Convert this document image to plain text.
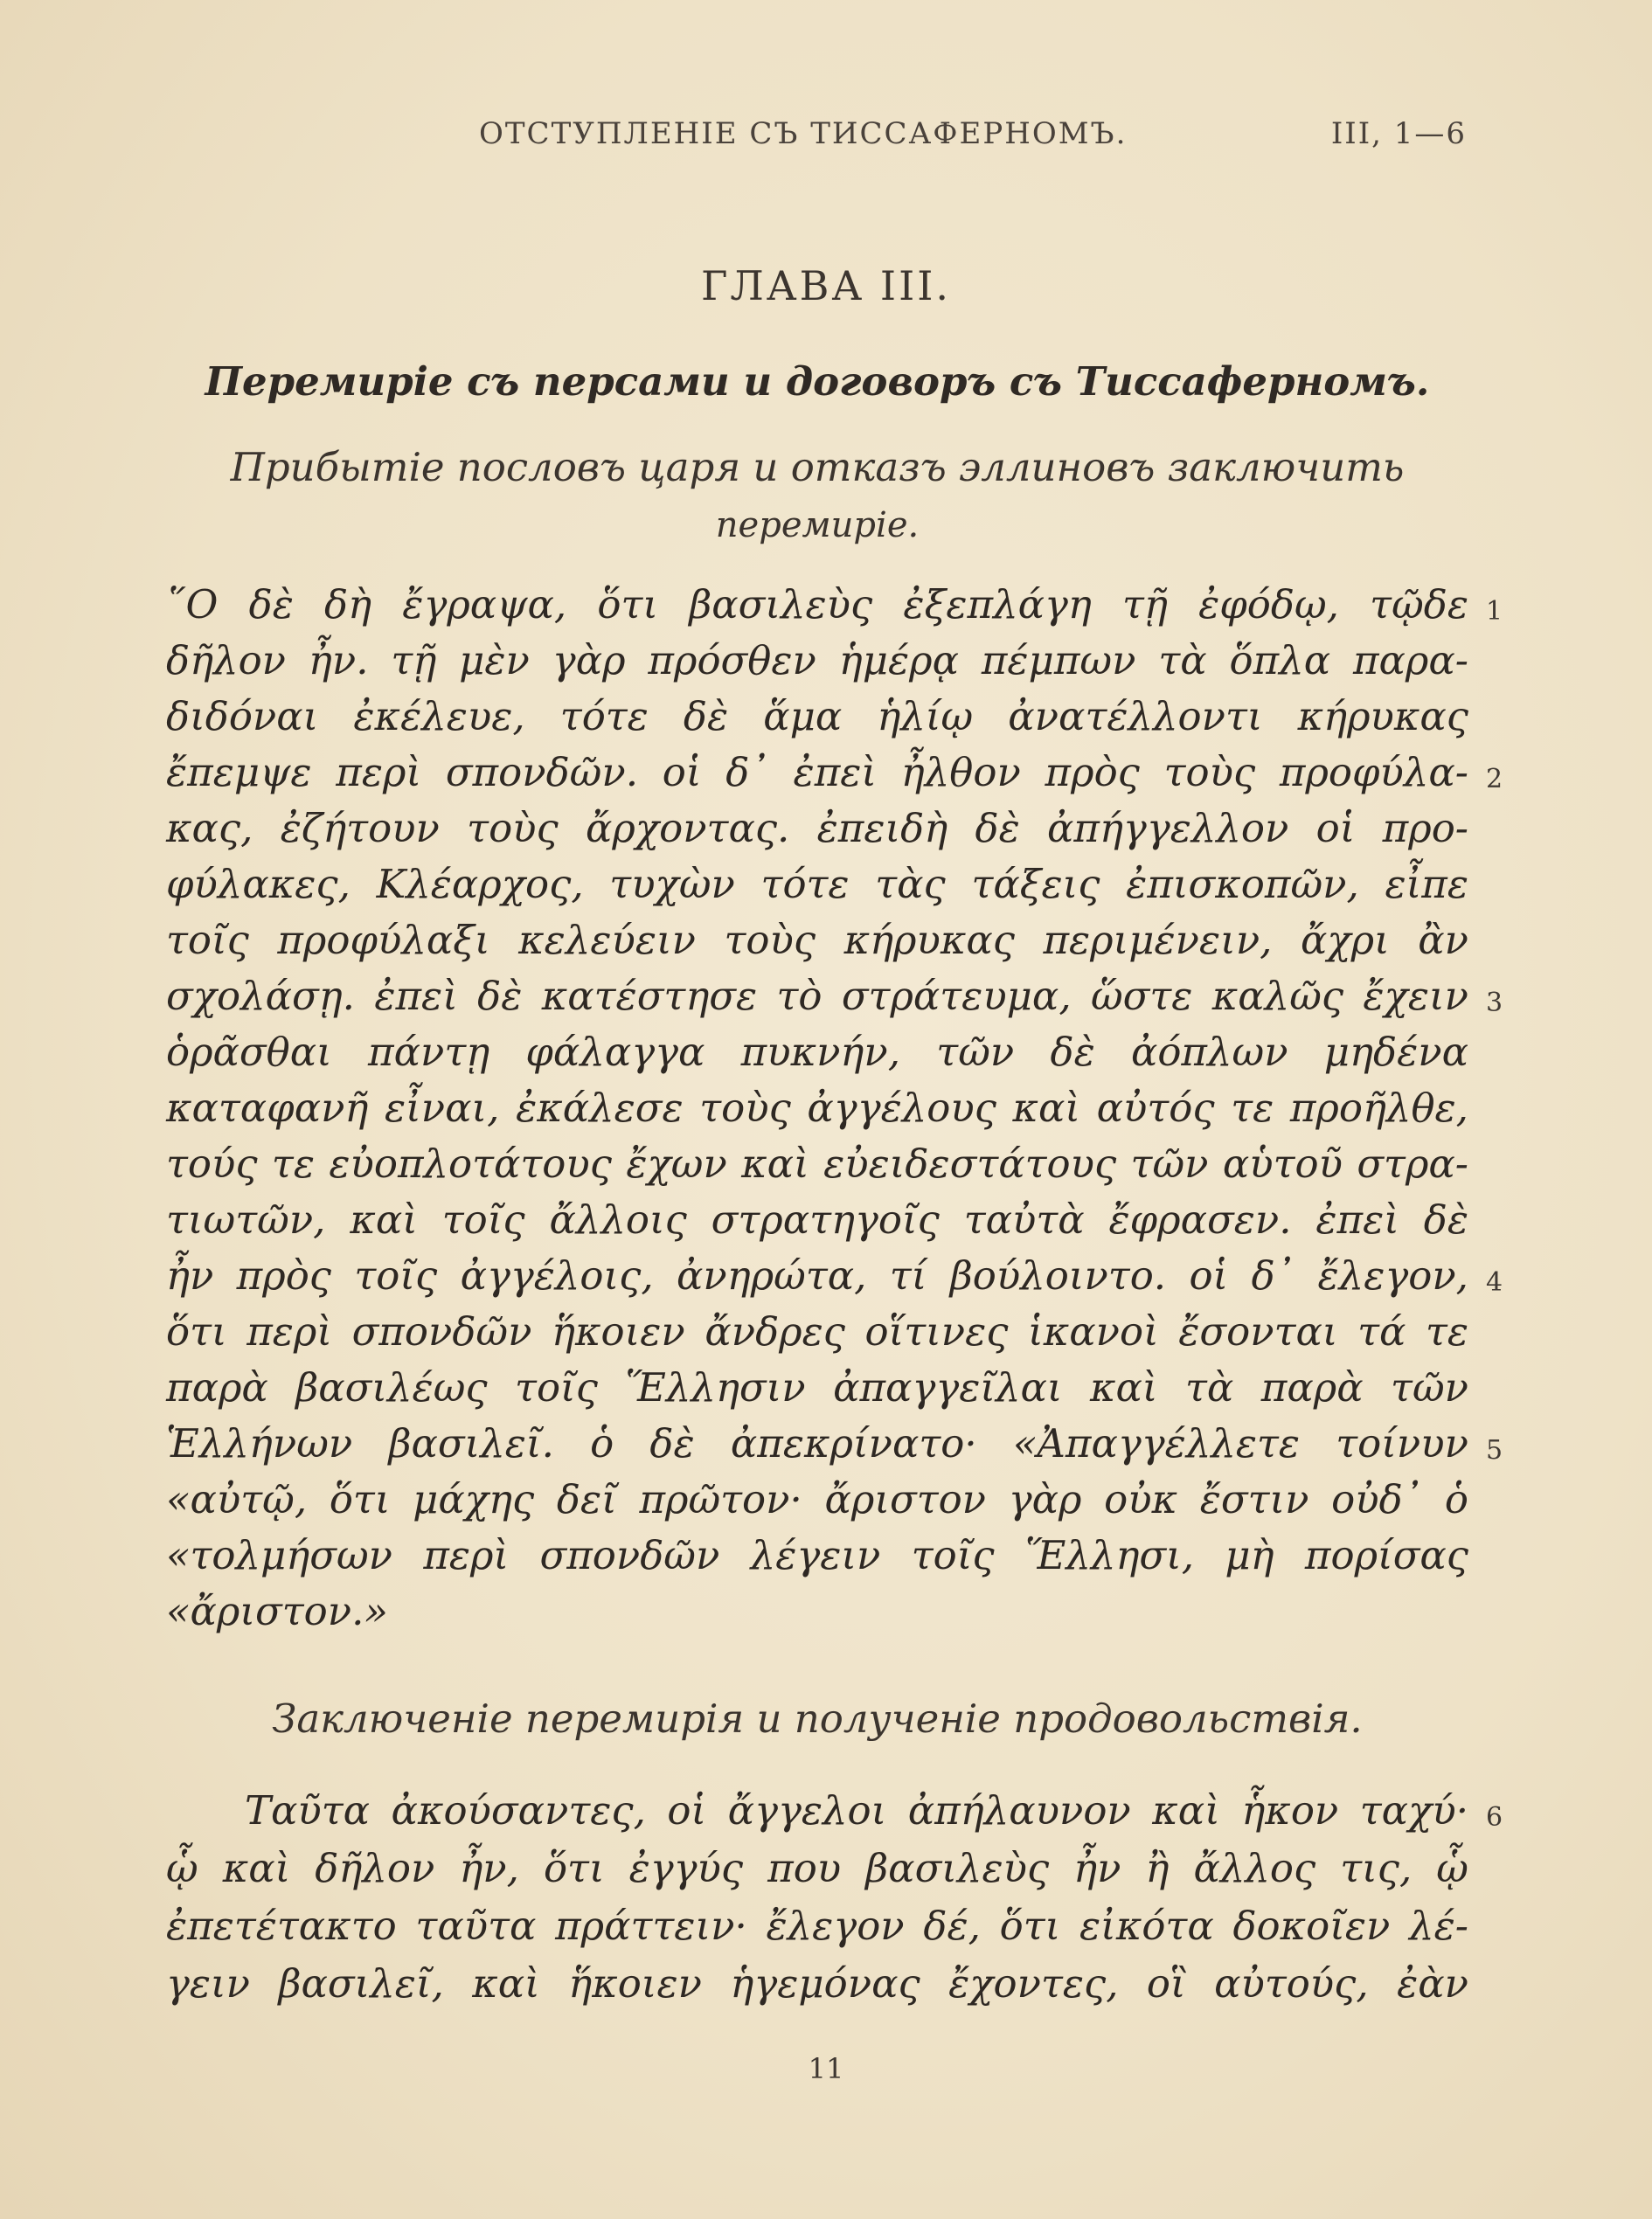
ОТСТУПЛЕНІЕ СЪ ТИССАФЕРНОМЪ.	III, 1—6
ГЛАВА III.
Перемиріе съ персами и договоръ съ Тиссаферномъ.
Прибытіе пословъ царя и отказъ эллиновъ заключить
перемиріе.
῞Ο δὲ δὴ ἔγραψα, ὅτι βασιλεὺς ἐξεπλάγη τῇ ἐφόδῳ, τῷδε
δῆλον ἦν. τῇ μὲν γὰρ πρόσθεν ἡμέρᾳ πέμπων τὰ ὅπλα παρα-
διδόναι ἐκέλευε, τότε δὲ ἅμα ἡλίῳ ἀνατέλλοντι κήρυκας
ἔπεμψε περὶ σπονδῶν. οἱ δ᾽ ἐπεὶ ἦλθον πρὸς τοὺς προφύλα-
κας, ἐζήτουν τοὺς ἄρχοντας. ἐπειδὴ δὲ ἀπήγγελλον οἱ προ-
φύλακες, Κλέαρχος, τυχὼν τότε τὰς τάξεις ἐπισκοπῶν, εἶπε
τοῖς προφύλαξι κελεύειν τοὺς κήρυκας περιμένειν, ἄχρι ἂν
σχολάσῃ. ἐπεὶ δὲ κατέστησε τὸ στράτευμα, ὥστε καλῶς ἔχειν
ὁρᾶσθαι πάντῃ φάλαγγα πυκνήν, τῶν δὲ ἀόπλων μηδένα
καταφανῆ εἶναι, ἐκάλεσε τοὺς ἀγγέλους καὶ αὐτός τε προῆλθε,
τούς τε εὐοπλοτάτους ἔχων καὶ εὐειδεστάτους τῶν αὑτοῦ στρα-
τιωτῶν, καὶ τοῖς ἄλλοις στρατηγοῖς ταὐτὰ ἔφρασεν. ἐπεὶ δὲ
ἦν πρὸς τοῖς ἀγγέλοις, ἀνηρώτα, τί βούλοιντο. οἱ δ᾽ ἔλεγον,
ὅτι περὶ σπονδῶν ἥκοιεν ἄνδρες οἵτινες ἱκανοὶ ἔσονται τά τε
παρὰ βασιλέως τοῖς Ἕλλησιν ἀπαγγεῖλαι καὶ τὰ παρὰ τῶν
Ἑλλήνων βασιλεῖ. ὁ δὲ ἀπεκρίνατο· «Ἀπαγγέλλετε τοίνυν
«αὐτῷ, ὅτι μάχης δεῖ πρῶτον· ἄριστον γὰρ οὐκ ἔστιν οὐδ᾽ ὁ
«τολμήσων περὶ σπονδῶν λέγειν τοῖς Ἕλλησι, μὴ πορίσας
«ἄριστον.»
Заключеніе перемирія и полученіе продовольствія.
Ταῦτα ἀκούσαντες, οἱ ἄγγελοι ἀπήλαυνον καὶ ἧκον ταχύ·
ᾧ καὶ δῆλον ἦν, ὅτι ἐγγύς που βασιλεὺς ἦν ἢ ἄλλος τις, ᾧ
ἐπετέτακτο ταῦτα πράττειν· ἔλεγον δέ, ὅτι εἰκότα δοκοῖεν λέ-
γειν βασιλεῖ, καὶ ἥκοιεν ἡγεμόνας ἔχοντες, οἳ αὐτούς, ἐὰν
1
2
3
4
5
6
11
